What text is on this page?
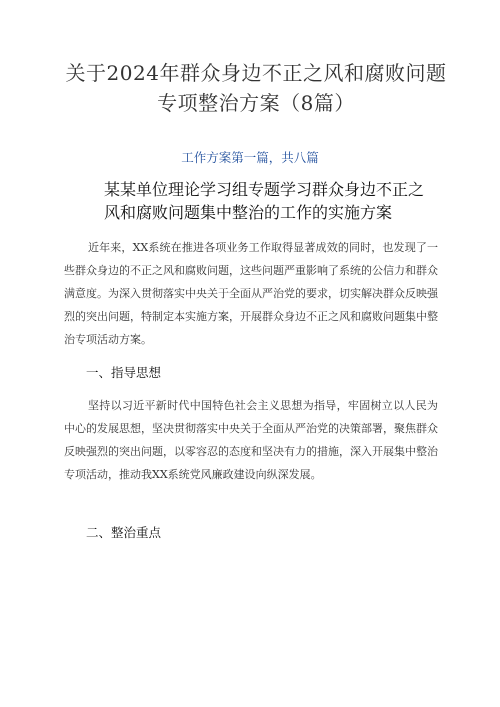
关于2024年群众身边不正之风和腐败问题专项整治方案（8篇）
工作方案第一篇，共八篇
某某单位理论学习组专题学习群众身边不正之风和腐败问题集中整治的工作的实施方案

近年来，XX系统在推进各项业务工作取得显著成效的同时，也发现了一些群众身边的不正之风和腐败问题，这些问题严重影响了系统的公信力和群众满意度。为深入贯彻落实中央关于全面从严治党的要求，切实解决群众反映强烈的突出问题，特制定本实施方案，开展群众身边不正之风和腐败问题集中整治专项活动方案。

一、指导思想

坚持以习近平新时代中国特色社会主义思想为指导，牢固树立以人民为中心的发展思想，坚决贯彻落实中央关于全面从严治党的决策部署，聚焦群众反映强烈的突出问题，以零容忍的态度和坚决有力的措施，深入开展集中整治专项活动，推动我XX系统党风廉政建设向纵深发展。

二、整治重点
